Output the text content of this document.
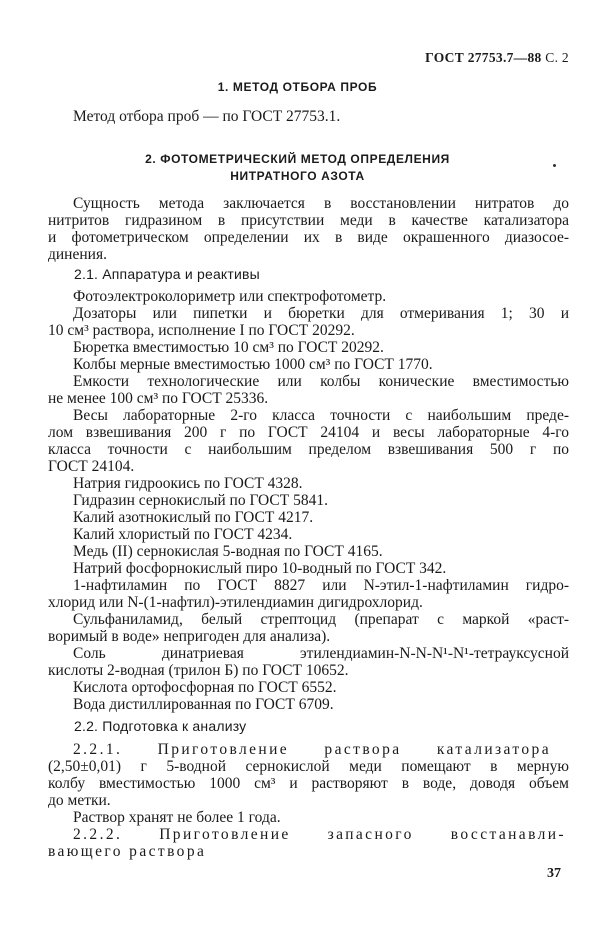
ГОСТ 27753.7—88 С. 2
1. МЕТОД ОТБОРА ПРОБ
Метод отбора проб — по ГОСТ 27753.1.
2. ФОТОМЕТРИЧЕСКИЙ МЕТОД ОПРЕДЕЛЕНИЯ
НИТРАТНОГО АЗОТА
Сущность метода заключается в восстановлении нитратов до
нитритов гидразином в присутствии меди в качестве катализатора
и фотометрическом определении их в виде окрашенного диазосое-
динения.
2.1. Аппаратура и реактивы
Фотоэлектроколориметр или спектрофотометр.
Дозаторы или пипетки и бюретки для отмеривания 1; 30 и
10 см³ раствора, исполнение I по ГОСТ 20292.
Бюретка вместимостью 10 см³ по ГОСТ 20292.
Колбы мерные вместимостью 1000 см³ по ГОСТ 1770.
Емкости технологические или колбы конические вместимостью
не менее 100 см³ по ГОСТ 25336.
Весы лабораторные 2-го класса точности с наибольшим преде-
лом взвешивания 200 г по ГОСТ 24104 и весы лабораторные 4-го
класса точности с наибольшим пределом взвешивания 500 г по
ГОСТ 24104.
Натрия гидроокись по ГОСТ 4328.
Гидразин сернокислый по ГОСТ 5841.
Калий азотнокислый по ГОСТ 4217.
Калий хлористый по ГОСТ 4234.
Медь (II) сернокислая 5-водная по ГОСТ 4165.
Натрий фосфорнокислый пиро 10-водный по ГОСТ 342.
1-нафтиламин по ГОСТ 8827 или N-этил-1-нафтиламин гидро-
хлорид или N-(1-нафтил)-этилендиамин дигидрохлорид.
Сульфаниламид, белый стрептоцид (препарат с маркой «раст-
воримый в воде» непригоден для анализа).
Соль динатриевая этилендиамин-N-N-N¹-N¹-тетрауксусной
кислоты 2-водная (трилон Б) по ГОСТ 10652.
Кислота ортофосфорная по ГОСТ 6552.
Вода дистиллированная по ГОСТ 6709.
2.2. Подготовка к анализу
2.2.1. Приготовление раствора катализатора
(2,50±0,01) г 5-водной сернокислой меди помещают в мерную
колбу вместимостью 1000 см³ и растворяют в воде, доводя объем
до метки.
Раствор хранят не более 1 года.
2.2.2. Приготовление запасного восстанавли-
вающего раствора
37
